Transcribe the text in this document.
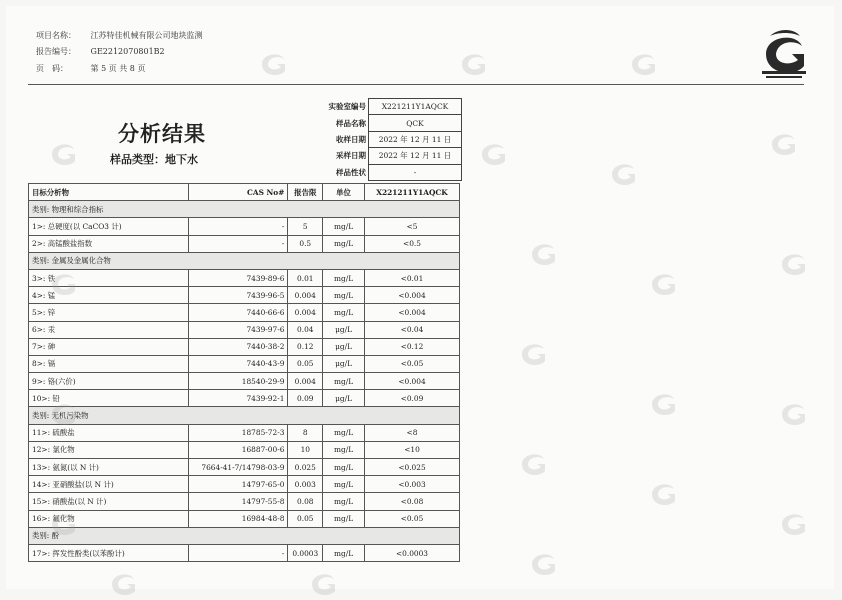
项目名称： 江苏特佳机械有限公司地块监测
报告编号： GE2212070801B2
页　码：	第 5 页 共 8 页
分析结果
样品类型：地下水
实验室编号	X221211Y1AQCK
样品名称	QCK
收样日期	2022 年 12 月 11 日
采样日期	2022 年 12 月 11 日
样品性状	-
目标分析物	CAS No#	报告限	单位	X221211Y1AQCK
类别: 物理和综合指标				
1>: 总硬度(以 CaCO3 计)	-	5	mg/L	<5
2>: 高锰酸盐指数	-	0.5	mg/L	<0.5
类别: 金属及金属化合物				
3>: 铁	7439-89-6	0.01	mg/L	<0.01
4>: 锰	7439-96-5	0.004	mg/L	<0.004
5>: 锌	7440-66-6	0.004	mg/L	<0.004
6>: 汞	7439-97-6	0.04	μg/L	<0.04
7>: 砷	7440-38-2	0.12	μg/L	<0.12
8>: 镉	7440-43-9	0.05	μg/L	<0.05
9>: 铬(六价)	18540-29-9	0.004	mg/L	<0.004
10>: 铅	7439-92-1	0.09	μg/L	<0.09
类别: 无机污染物				
11>: 硫酸盐	18785-72-3	8	mg/L	<8
12>: 氯化物	16887-00-6	10	mg/L	<10
13>: 氨氮(以 N 计)	7664-41-7/14798-03-9	0.025	mg/L	<0.025
14>: 亚硝酸盐(以 N 计)	14797-65-0	0.003	mg/L	<0.003
15>: 硝酸盐(以 N 计)	14797-55-8	0.08	mg/L	<0.08
16>: 氟化物	16984-48-8	0.05	mg/L	<0.05
类别: 酚				
17>: 挥发性酚类(以苯酚计)	-	0.0003	mg/L	<0.0003
